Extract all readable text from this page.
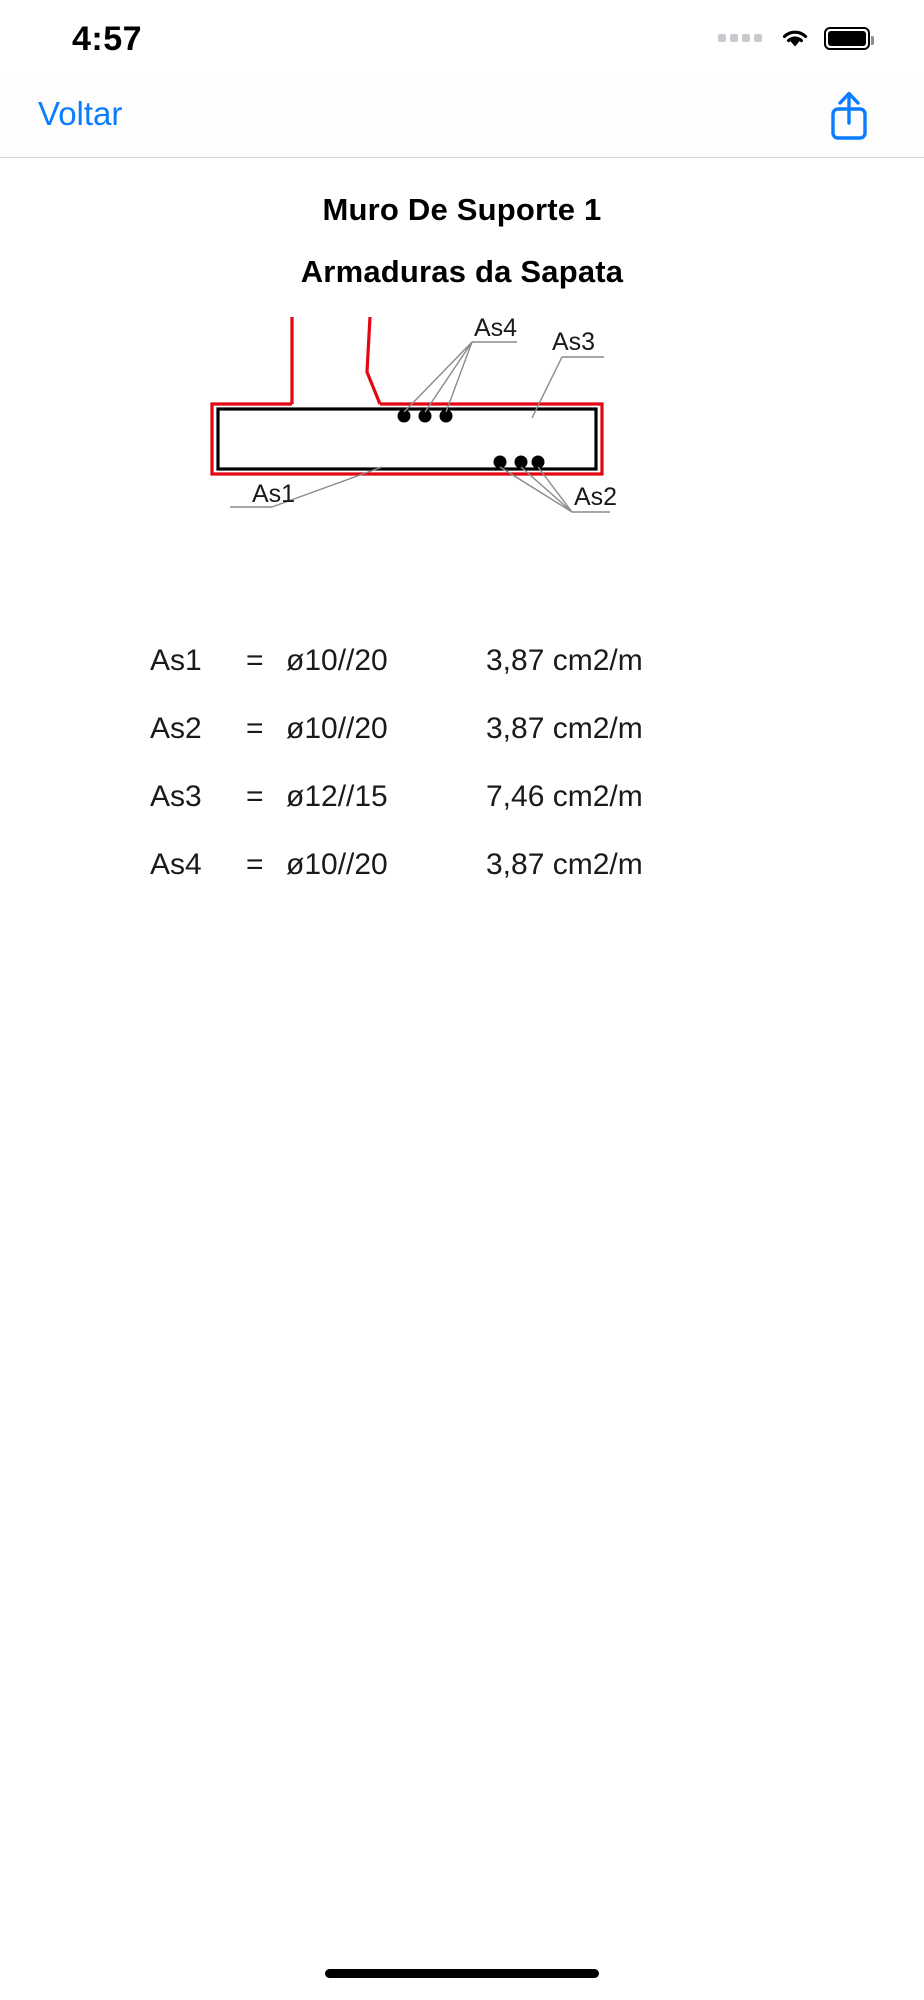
4:57
Voltar
Muro De Suporte 1
Armaduras da Sapata
As4 As3
As1	As2
As1	= ø10//20	3,87 cm2/m
As2	= ø10//20	3,87 cm2/m
As3	= ø12//15	7,46 cm2/m
As4	= ø10//20	3,87 cm2/m
